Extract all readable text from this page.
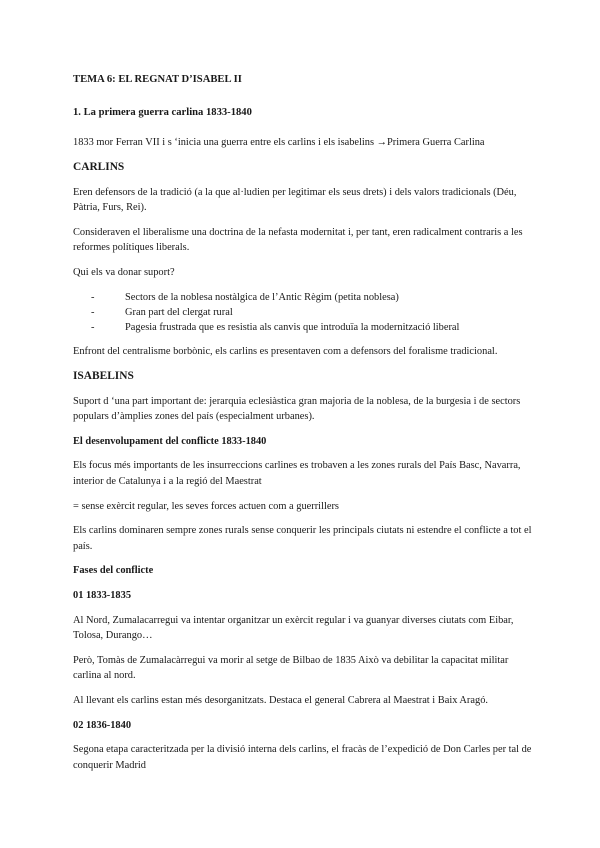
TEMA 6: EL REGNAT D’ISABEL II
1. La primera guerra carlina 1833-1840

1833 mor Ferran VII i s ‘inicia una guerra entre els carlins i els isabelins →Primera Guerra Carlina

CARLINS

Eren defensors de la tradició (a la que al·ludien per legitimar els seus drets) i dels valors tradicionals (Déu, Pàtria, Furs, Rei).

Consideraven el liberalisme una doctrina de la nefasta modernitat i, per tant, eren radicalment contraris a les reformes polítiques liberals.

Qui els va donar suport?

-	Sectors de la noblesa nostàlgica de l’Antic Règim (petita noblesa)
-	Gran part del clergat rural
-	Pagesia frustrada que es resistia als canvis que introduïa la modernització liberal

Enfront del centralisme borbònic, els carlins es presentaven com a defensors del foralisme tradicional.

ISABELINS

Suport d ‘una part important de: jerarquia eclesiàstica gran majoria de la noblesa, de la burgesia i de sectors populars d’àmplies zones del país (especialment urbanes).

El desenvolupament del conflicte 1833-1840

Els focus més importants de les insurreccions carlines es trobaven a les zones rurals del País Basc, Navarra, interior de Catalunya i a la regió del Maestrat

= sense exèrcit regular, les seves forces actuen com a guerrillers

Els carlins dominaren sempre zones rurals sense conquerir les principals ciutats ni estendre el conflicte a tot el país.

Fases del conflicte
01 1833-1835

Al Nord, Zumalacarregui va intentar organitzar un exèrcit regular i va guanyar diverses ciutats com Eibar, Tolosa, Durango…

Però, Tomàs de Zumalacàrregui va morir al setge de Bilbao de 1835 Això va debilitar la capacitat militar carlina al nord.

Al llevant els carlins estan més desorganitzats. Destaca el general Cabrera al Maestrat i Baix Aragó.

02 1836-1840

Segona etapa caracteritzada per la divisió interna dels carlins, el fracàs de l’expedició de Don Carles per tal de conquerir Madrid
